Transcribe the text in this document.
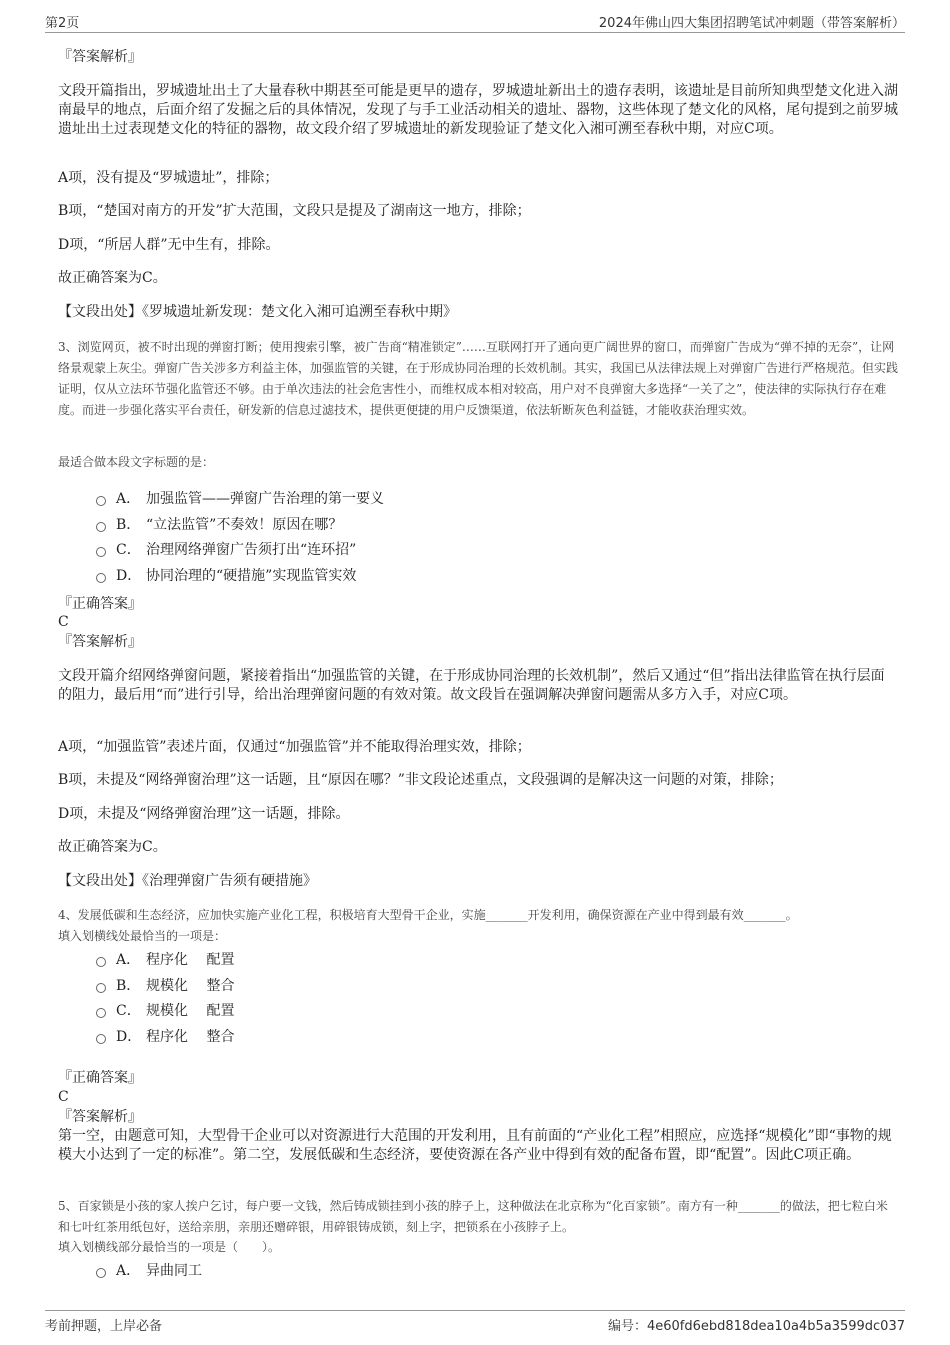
第2页	2024年佛山四大集团招聘笔试冲刺题（带答案解析）

『答案解析』

文段开篇指出，罗城遗址出土了大量春秋中期甚至可能是更早的遗存，罗城遗址新出土的遗存表明，该遗址是目前所知典型楚文化进入湖南最早的地点，后面介绍了发掘之后的具体情况，发现了与手工业活动相关的遗址、器物，这些体现了楚文化的风格，尾句提到之前罗城遗址出土过表现楚文化的特征的器物，故文段介绍了罗城遗址的新发现验证了楚文化入湘可溯至春秋中期，对应C项。

A项，没有提及“罗城遗址”，排除；

B项，“楚国对南方的开发”扩大范围，文段只是提及了湖南这一地方，排除；

D项，“所居人群”无中生有，排除。

故正确答案为C。

【文段出处】《罗城遗址新发现：楚文化入湘可追溯至春秋中期》

3、浏览网页，被不时出现的弹窗打断；使用搜索引擎，被广告商“精准锁定”……互联网打开了通向更广阔世界的窗口，而弹窗广告成为“弹不掉的无奈”，让网络景观蒙上灰尘。弹窗广告关涉多方利益主体，加强监管的关键，在于形成协同治理的长效机制。其实，我国已从法律法规上对弹窗广告进行严格规范。但实践证明，仅从立法环节强化监管还不够。由于单次违法的社会危害性小，而维权成本相对较高，用户对不良弹窗大多选择“一关了之”，使法律的实际执行存在难度。而进一步强化落实平台责任，研发新的信息过滤技术，提供更便捷的用户反馈渠道，依法斩断灰色利益链，才能收获治理实效。

最适合做本段文字标题的是：

A． 加强监管——弹窗广告治理的第一要义
B． “立法监管”不奏效！原因在哪？
C． 治理网络弹窗广告须打出“连环招”
D． 协同治理的“硬措施”实现监管实效

『正确答案』

C

『答案解析』

文段开篇介绍网络弹窗问题，紧接着指出“加强监管的关键，在于形成协同治理的长效机制”，然后又通过“但”指出法律监管在执行层面的阻力，最后用“而”进行引导，给出治理弹窗问题的有效对策。故文段旨在强调解决弹窗问题需从多方入手，对应C项。

A项，“加强监管”表述片面，仅通过“加强监管”并不能取得治理实效，排除；

B项，未提及“网络弹窗治理”这一话题，且“原因在哪？”非文段论述重点，文段强调的是解决这一问题的对策，排除；

D项，未提及“网络弹窗治理”这一话题，排除。

故正确答案为C。

【文段出处】《治理弹窗广告须有硬措施》

4、发展低碳和生态经济，应加快实施产业化工程，积极培育大型骨干企业，实施_______开发利用，确保资源在产业中得到最有效_______。

填入划横线处最恰当的一项是：

A． 程序化　 配置
B． 规模化　 整合
C． 规模化　 配置
D． 程序化　 整合

『正确答案』

C

『答案解析』

第一空，由题意可知，大型骨干企业可以对资源进行大范围的开发利用，且有前面的“产业化工程”相照应，应选择“规模化”即“事物的规模大小达到了一定的标准”。第二空，发展低碳和生态经济，要使资源在各产业中得到有效的配备布置，即“配置”。因此C项正确。

5、百家锁是小孩的家人挨户乞讨，每户要一文钱，然后铸成锁挂到小孩的脖子上，这种做法在北京称为“化百家锁”。南方有一种_______的做法，把七粒白米和七叶红茶用纸包好，送给亲朋，亲朋还赠碎银，用碎银铸成锁，刻上字，把锁系在小孩脖子上。

填入划横线部分最恰当的一项是（　　）。

A． 异曲同工
考前押题，上岸必备	编号：4e60fd6ebd818dea10a4b5a3599dc037
